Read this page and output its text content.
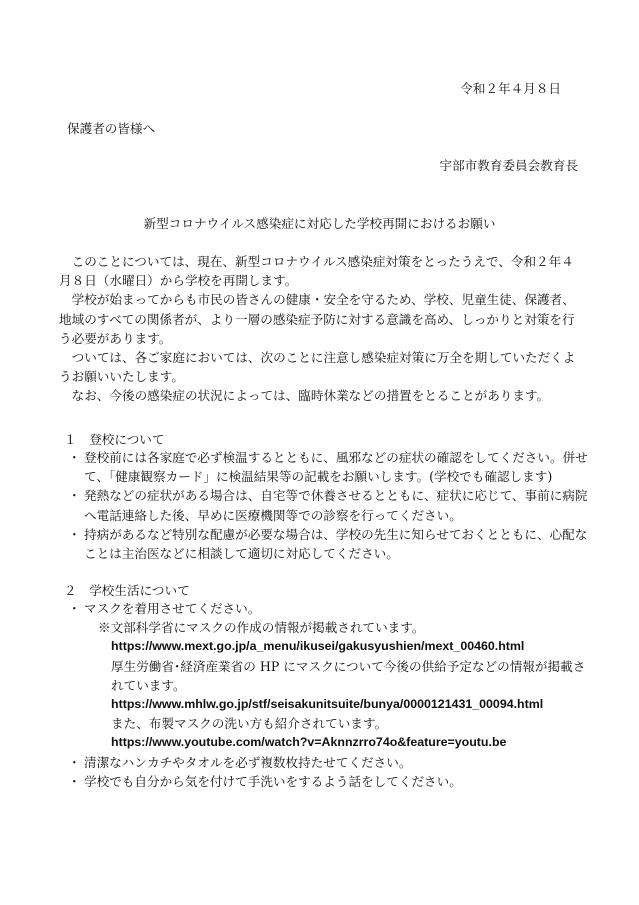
令和２年４月８日

保護者の皆様へ

宇部市教育委員会教育長

新型コロナウイルス感染症に対応した学校再開におけるお願い

このことについては、現在、新型コロナウイルス感染症対策をとったうえで、令和２年４月８日（水曜日）から学校を再開します。

学校が始まってからも市民の皆さんの健康・安全を守るため、学校、児童生徒、保護者、地域のすべての関係者が、より一層の感染症予防に対する意識を高め、しっかりと対策を行う必要があります。

ついては、各ご家庭においては、次のことに注意し感染症対策に万全を期していただくようお願いいたします。

なお、今後の感染症の状況によっては、臨時休業などの措置をとることがあります。

１　登校について

・ 登校前には各家庭で必ず検温するとともに、風邪などの症状の確認をしてください。併せて、「健康観察カード」に検温結果等の記載をお願いします。(学校でも確認します)
・ 発熱などの症状がある場合は、自宅等で休養させるとともに、症状に応じて、事前に病院へ電話連絡した後、早めに医療機関等での診察を行ってください。
・ 持病があるなど特別な配慮が必要な場合は、学校の先生に知らせておくとともに、心配なことは主治医などに相談して適切に対応してください。

２　学校生活について

・ マスクを着用させてください。

※文部科学省にマスクの作成の情報が掲載されています。

https://www.mext.go.jp/a_menu/ikusei/gakusyushien/mext_00460.html

厚生労働省･経済産業省の HP にマスクについて今後の供給予定などの情報が掲載されています。

https://www.mhlw.go.jp/stf/seisakunitsuite/bunya/0000121431_00094.html

また、布製マスクの洗い方も紹介されています。

https://www.youtube.com/watch?v=Aknnzrro74o&feature=youtu.be

・ 清潔なハンカチやタオルを必ず複数枚持たせてください。

・ 学校でも自分から気を付けて手洗いをするよう話をしてください。
